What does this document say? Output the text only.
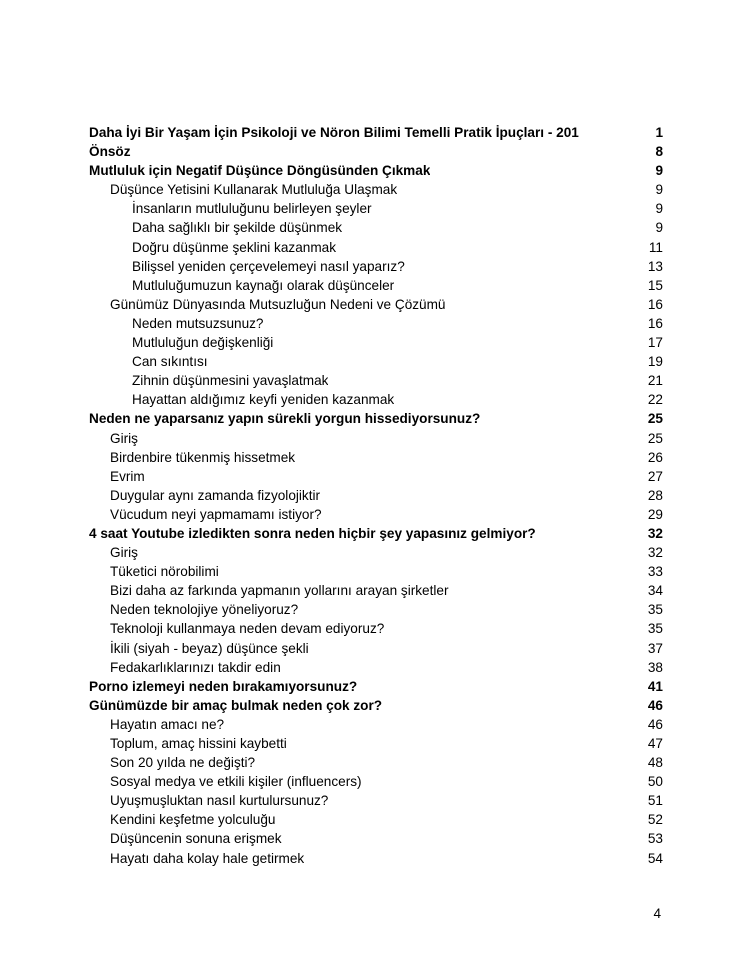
Daha İyi Bir Yaşam İçin Psikoloji ve Nöron Bilimi Temelli Pratik İpuçları - 201	1
Önsöz	8
Mutluluk için Negatif Düşünce Döngüsünden Çıkmak	9
Düşünce Yetisini Kullanarak Mutluluğa Ulaşmak	9
İnsanların mutluluğunu belirleyen şeyler	9
Daha sağlıklı bir şekilde düşünmek	9
Doğru düşünme şeklini kazanmak	11
Bilişsel yeniden çerçevelemeyi nasıl yaparız?	13
Mutluluğumuzun kaynağı olarak düşünceler	15
Günümüz Dünyasında Mutsuzluğun Nedeni ve Çözümü	16
Neden mutsuzsunuz?	16
Mutluluğun değişkenliği	17
Can sıkıntısı	19
Zihnin düşünmesini yavaşlatmak	21
Hayattan aldığımız keyfi yeniden kazanmak	22
Neden ne yaparsanız yapın sürekli yorgun hissediyorsunuz?	25
Giriş	25
Birdenbire tükenmiş hissetmek	26
Evrim	27
Duygular aynı zamanda fizyolojiktir	28
Vücudum neyi yapmamamı istiyor?	29
4 saat Youtube izledikten sonra neden hiçbir şey yapasınız gelmiyor?	32
Giriş	32
Tüketici nörobilimi	33
Bizi daha az farkında yapmanın yollarını arayan şirketler	34
Neden teknolojiye yöneliyoruz?	35
Teknoloji kullanmaya neden devam ediyoruz?	35
İkili (siyah - beyaz) düşünce şekli	37
Fedakarlıklarınızı takdir edin	38
Porno izlemeyi neden bırakamıyorsunuz?	41
Günümüzde bir amaç bulmak neden çok zor?	46
Hayatın amacı ne?	46
Toplum, amaç hissini kaybetti	47
Son 20 yılda ne değişti?	48
Sosyal medya ve etkili kişiler (influencers)	50
Uyuşmuşluktan nasıl kurtulursunuz?	51
Kendini keşfetme yolculuğu	52
Düşüncenin sonuna erişmek	53
Hayatı daha kolay hale getirmek	54
4
